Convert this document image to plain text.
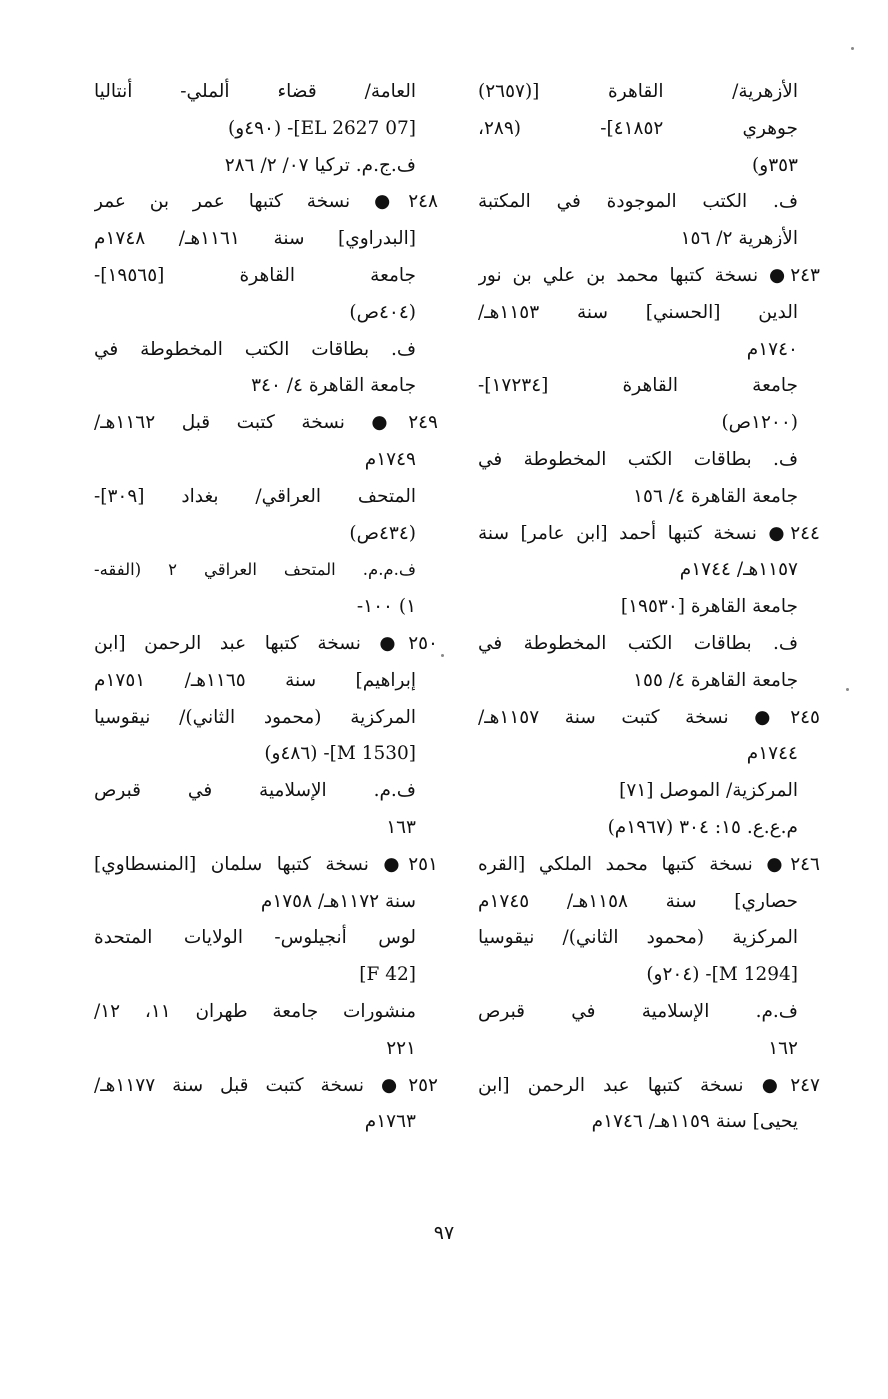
الأزهرية/ القاهرة [(٢٦٥٧)
جوهري ٤١٨٥٢]- (٢٨٩،
٣٥٣و)
ف. الكتب الموجودة في المكتبة
الأزهرية ٢/ ١٥٦
٢٤٣● نسخة كتبها محمد بن علي بن نور
الدين [الحسني] سنة ١١٥٣هـ/
١٧٤٠م
جامعة القاهرة [١٧٢٣٤]-
(١٢٠٠ص)
ف. بطاقات الكتب المخطوطة في
جامعة القاهرة ٤/ ١٥٦
٢٤٤● نسخة كتبها أحمد [ابن عامر] سنة
١١٥٧هـ/ ١٧٤٤م
جامعة القاهرة [١٩٥٣٠]
ف. بطاقات الكتب المخطوطة في
جامعة القاهرة ٤/ ١٥٥
٢٤٥● نسخة كتبت سنة ١١٥٧هـ/
١٧٤٤م
المركزية/ الموصل [٧١]
م.ع.ع. ١٥: ٣٠٤ (١٩٦٧م)
٢٤٦● نسخة كتبها محمد الملكي [القره
حصاري] سنة ١١٥٨هـ/ ١٧٤٥م
المركزية (محمود الثاني)/ نيقوسيا
[M 1294]- (٢٠٤و)
ف.م. الإسلامية في قبرص
١٦٢
٢٤٧● نسخة كتبها عبد الرحمن [ابن
يحيى] سنة ١١٥٩هـ/ ١٧٤٦م
العامة/ قضاء ألملي- أنتاليا
[07 EL 2627]- (٤٩٠و)
ف.ج.م. تركيا ٠٧/ ٢/ ٢٨٦
٢٤٨● نسخة كتبها عمر بن عمر
[البدراوي] سنة ١١٦١هـ/ ١٧٤٨م
جامعة القاهرة [١٩٥٦٥]-
(٤٠٤ص)
ف. بطاقات الكتب المخطوطة في
جامعة القاهرة ٤/ ٣٤٠
٢٤٩● نسخة كتبت قبل ١١٦٢هـ/
١٧٤٩م
المتحف العراقي/ بغداد [٣٠٩]-
(٤٣٤ص)
ف.م.م. المتحف العراقي ٢ (الفقه-
١) ١٠٠-
٢٥٠● نسخة كتبها عبد الرحمن [ابن
إبراهيم] سنة ١١٦٥هـ/ ١٧٥١م
المركزية (محمود الثاني)/ نيقوسيا
[M 1530]- (٤٨٦و)
ف.م. الإسلامية في قبرص
١٦٣
٢٥١● نسخة كتبها سلمان [المنسطاوي]
سنة ١١٧٢هـ/ ١٧٥٨م
لوس أنجيلوس- الولايات المتحدة
[F 42]
منشورات جامعة طهران ١١، ١٢/
٢٢١
٢٥٢● نسخة كتبت قبل سنة ١١٧٧هـ/
١٧٦٣م
٩٧
